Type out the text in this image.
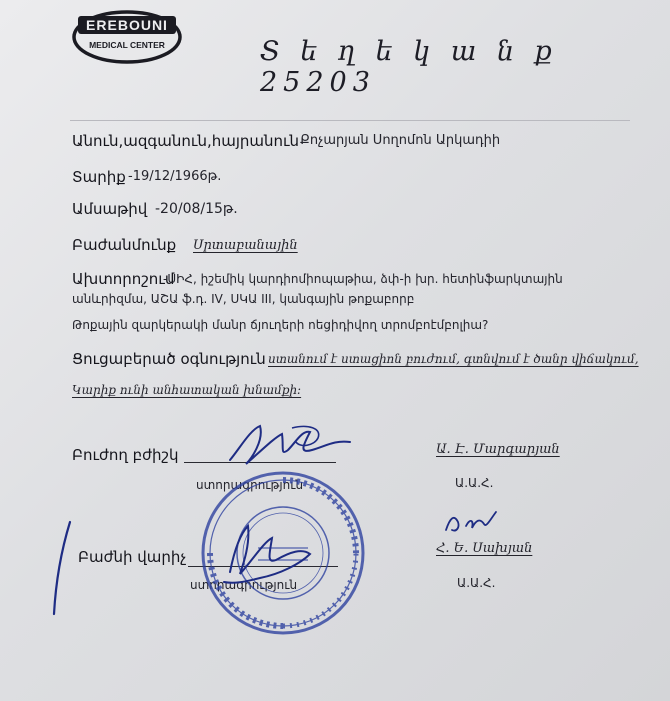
EREBOUNI
MEDICAL CENTER	Տ ե ղ ե կ ա ն ք 25203
Անուն,ազգանուն,հայրանուն Քոչարյան Սողոմոն Արկադիի
Տարիք -19/12/1966թ.
Ամսաթիվ -20/08/15թ.
Բաժանմունք Սրտաբանային
Ախտորոշում
-ՍԻՀ, իշեմիկ կարդիոմիոպաթիա, ձփ-ի խր. հետինֆարկտային
անևրիզմա, ԱՇԱ ֆ.դ. IV, ՍԿԱ III, կանգային թոքաբորբ
Թոքային զարկերակի մանր ճյուղերի ոեցիդիվող տրոմբոէմբոլիա?
Ցուցաբերած օգնություն ստանում է ստացիոն բուժում, գտնվում է ծանր վիճակում,
Կարիք ունի անհատական խնամքի:
Բուժող բժիշկ	Ա. Է. Մարգարյան
Ա.Ա.Հ.
ստորագրություն
Բաժնի վարիչ	Հ. Ե. Սախյան
Ա.Ա.Հ.
ստորագրություն
